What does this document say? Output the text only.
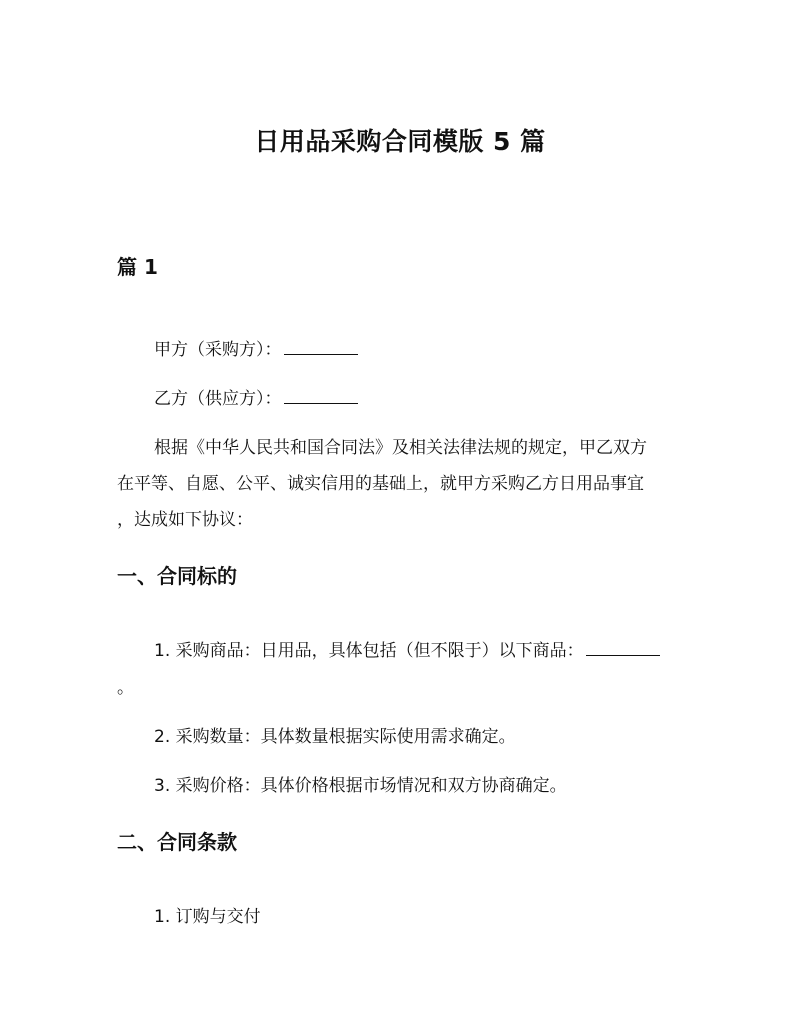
日用品采购合同模版 5 篇
篇 1
甲方（采购方）：
乙方（供应方）：
根据《中华人民共和国合同法》及相关法律法规的规定，甲乙双方
在平等、自愿、公平、诚实信用的基础上，就甲方采购乙方日用品事宜
，达成如下协议：
一、合同标的
1. 采购商品：日用品，具体包括（但不限于）以下商品：
。
2. 采购数量：具体数量根据实际使用需求确定。
3. 采购价格：具体价格根据市场情况和双方协商确定。
二、合同条款
1. 订购与交付
